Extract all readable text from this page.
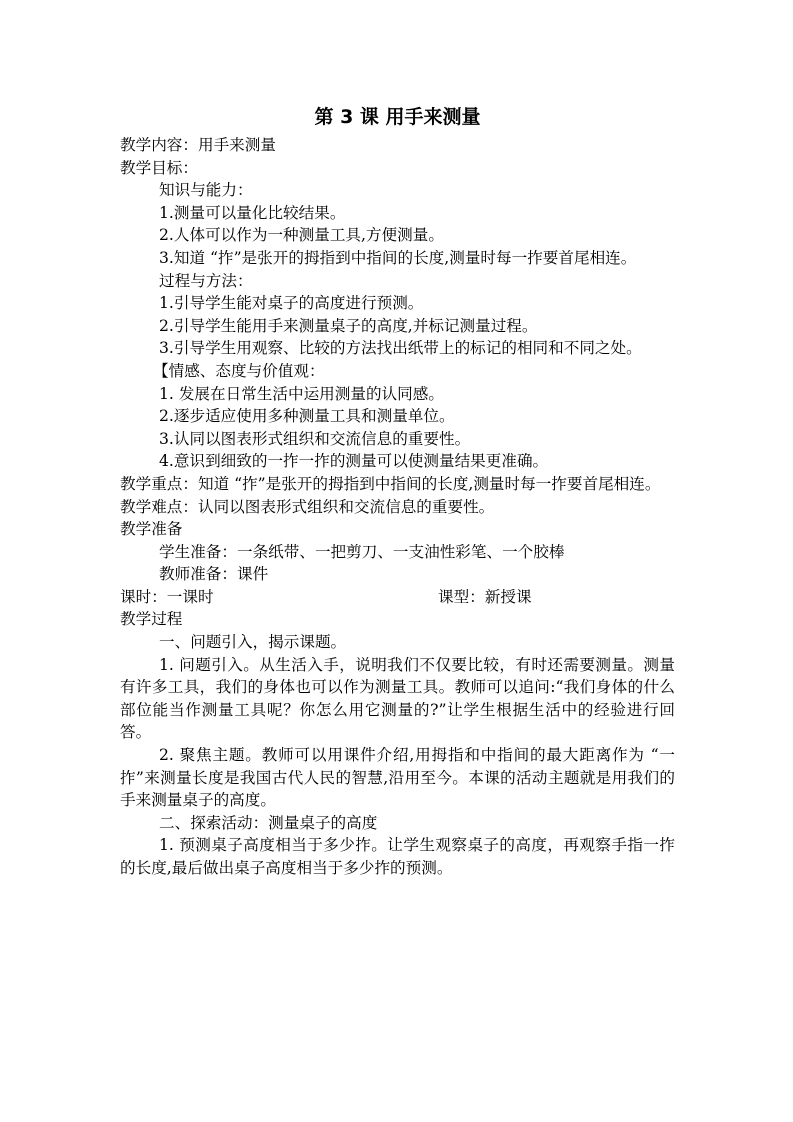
第 3 课 用手来测量

教学内容：用手来测量

教学目标：

知识与能力：

1.测量可以量化比较结果。

2.人体可以作为一种测量工具,方便测量。

3.知道 “拃”是张开的拇指到中指间的长度,测量时每一拃要首尾相连。

过程与方法：

1.引导学生能对桌子的高度进行预测。

2.引导学生能用手来测量桌子的高度,并标记测量过程。

3.引导学生用观察、比较的方法找出纸带上的标记的相同和不同之处。

【情感、态度与价值观：

1. 发展在日常生活中运用测量的认同感。

2.逐步适应使用多种测量工具和测量单位。

3.认同以图表形式组织和交流信息的重要性。

4.意识到细致的一拃一拃的测量可以使测量结果更准确。

教学重点：知道 “拃”是张开的拇指到中指间的长度,测量时每一拃要首尾相连。

教学难点：认同以图表形式组织和交流信息的重要性。

教学准备

学生准备：一条纸带、一把剪刀、一支油性彩笔、一个胶棒

教师准备：课件

课时：一课时	课型：新授课

教学过程

一、问题引入，揭示课题。

1. 问题引入。从生活入手，说明我们不仅要比较，有时还需要测量。测量有许多工具，我们的身体也可以作为测量工具。教师可以追问:“我们身体的什么部位能当作测量工具呢？你怎么用它测量的?”让学生根据生活中的经验进行回答。

2. 聚焦主题。教师可以用课件介绍,用拇指和中指间的最大距离作为 “一拃”来测量长度是我国古代人民的智慧,沿用至今。本课的活动主题就是用我们的手来测量桌子的高度。

二、探索活动：测量桌子的高度

1. 预测桌子高度相当于多少拃。让学生观察桌子的高度，再观察手指一拃的长度,最后做出桌子高度相当于多少拃的预测。
